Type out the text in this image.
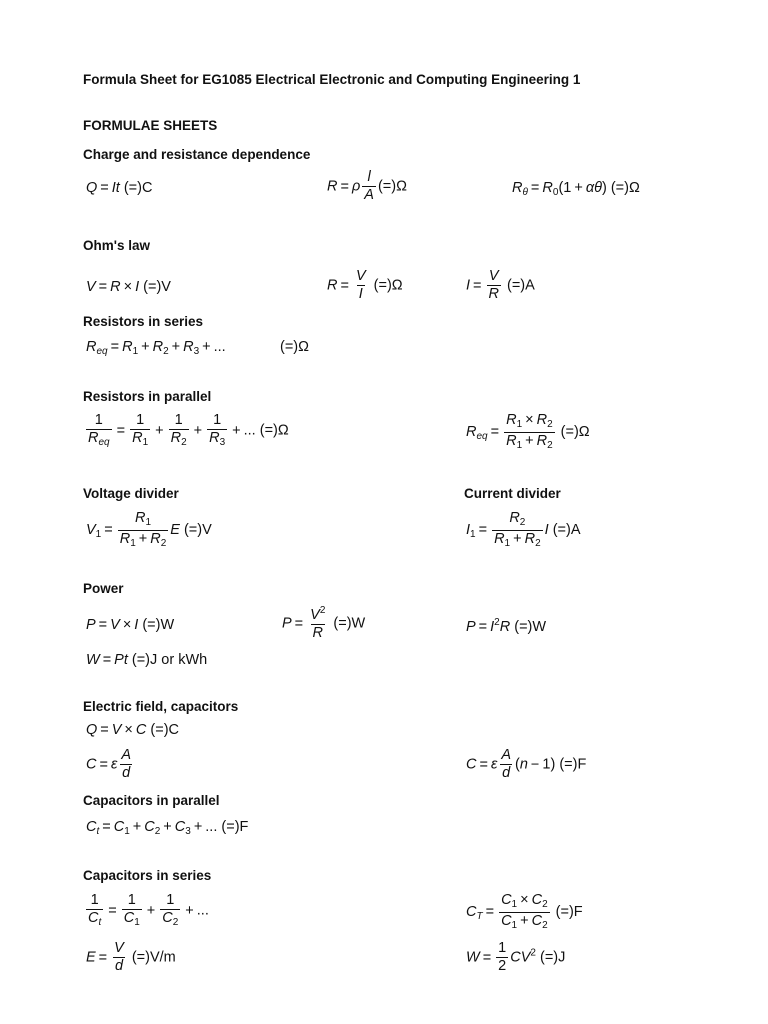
Formula Sheet for EG1085 Electrical Electronic and Computing Engineering 1
FORMULAE SHEETS
Charge and resistance dependence
Q = It (=)C	R = ρ $\frac{l}{A} (=)\Omega$	$R_\theta = R_0(1 + \alpha\theta)$ (=)Ω
Ohm's law
V = R × I (=)V	$R = \frac{V}{I} (=)\Omega$	$I = \frac{V}{R} (=)A$
Resistors in series
$R_{eq} = R_1 + R_2 + R_3$ + ...	(=)Ω
Resistors in parallel
$\frac{1}{R_{eq}} = \frac{1}{R_1} + \frac{1}{R_2} + \frac{1}{R_3}$ + ... (=)Ω	$R_{eq} = \frac{R_1 \times R_2}{R_1 + R_2} (=)\Omega$
Voltage divider	Current divider
$V_1 = \frac{R_1}{R_1 + R_2}$ E (=)V	$I_1 = \frac{R_2}{R_1 + R_2}$ I (=)A
Power
P = V × I (=)W	$P = \frac{V^2}{R} (=)W$	$P = I^2R$ (=)W
W = Pt (=)J or kWh
Electric field, capacitors
Q = V × C (=)C
C = ε $\frac{A}{d}$	C = ε $\frac{A}{d} (n - 1)$ (=)F
Capacitors in parallel
$C_t = C_1 + C_2 + C_3$ + ... (=)F
Capacitors in series
$\frac{1}{C_t} = \frac{1}{C_1} + \frac{1}{C_2}$ + ...	$C_T = \frac{C_1 \times C_2}{C_1 + C_2} (=)F$
$E = \frac{V}{d} (=)V/m$	$W = \frac{1}{2} CV^2$ (=)J
